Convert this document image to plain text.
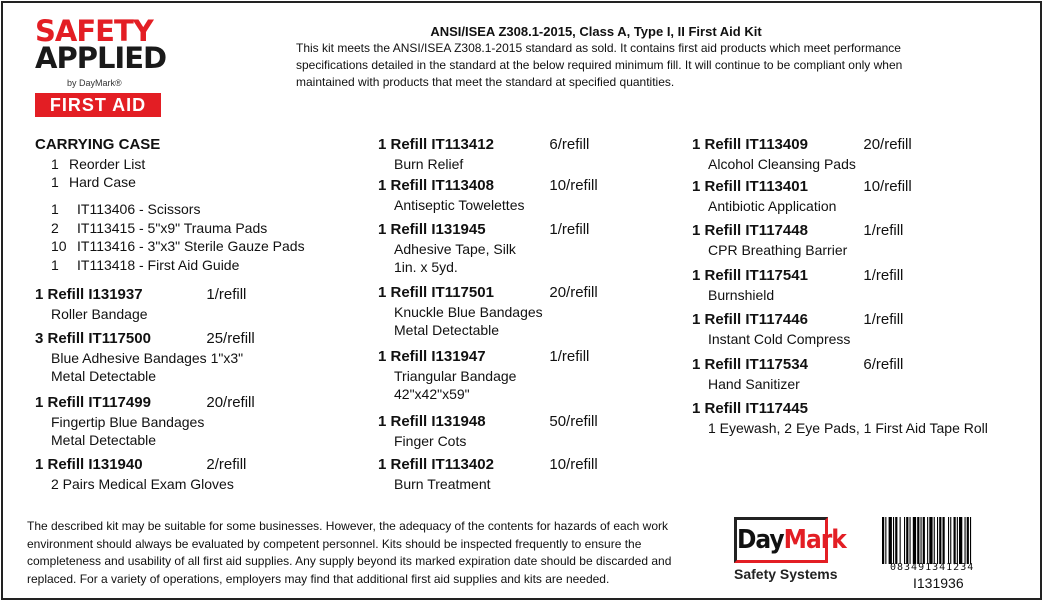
SAFETY
APPLIED
by DayMark®
FIRST AID
ANSI/ISEA Z308.1-2015, Class A, Type I, II First Aid Kit
This kit meets the ANSI/ISEA Z308.1-2015 standard as sold. It contains first aid products which meet performance specifications detailed in the standard at the below required minimum fill. It will continue to be compliant only when maintained with products that meet the standard at specified quantities.
CARRYING CASE
1 Reorder List
1 Hard Case
1	IT113406 - Scissors
2	IT113415 - 5"x9" Trauma Pads
10 IT113416 - 3"x3" Sterile Gauze Pads
1	IT113418 - First Aid Guide
1 Refill I131937	1/refill
Roller Bandage
3 Refill IT117500	25/refill
Blue Adhesive Bandages 1"x3"
Metal Detectable
1 Refill IT117499	20/refill
Fingertip Blue Bandages
Metal Detectable
1 Refill I131940	2/refill
2 Pairs Medical Exam Gloves
1 Refill IT113412	6/refill
Burn Relief
1 Refill IT113408	10/refill
Antiseptic Towelettes
1 Refill I131945	1/refill
Adhesive Tape, Silk
1in. x 5yd.
1 Refill IT117501	20/refill
Knuckle Blue Bandages
Metal Detectable
1 Refill I131947	1/refill
Triangular Bandage
42"x42"x59"
1 Refill I131948	50/refill
Finger Cots
1 Refill IT113402	10/refill
Burn Treatment
1 Refill IT113409	20/refill
Alcohol Cleansing Pads
1 Refill IT113401	10/refill
Antibiotic Application
1 Refill IT117448	1/refill
CPR Breathing Barrier
1 Refill IT117541	1/refill
Burnshield
1 Refill IT117446	1/refill
Instant Cold Compress
1 Refill IT117534	6/refill
Hand Sanitizer
1 Refill IT117445
1 Eyewash, 2 Eye Pads, 1 First Aid Tape Roll
The described kit may be suitable for some businesses. However, the adequacy of the contents for hazards of each work environment should always be evaluated by competent personnel. Kits should be inspected frequently to ensure the completeness and usability of all first aid supplies. Any supply beyond its marked expiration date should be discarded and replaced. For a variety of operations, employers may find that additional first aid supplies and kits are needed.
DayMark
Safety Systems	083491341234
I131936
